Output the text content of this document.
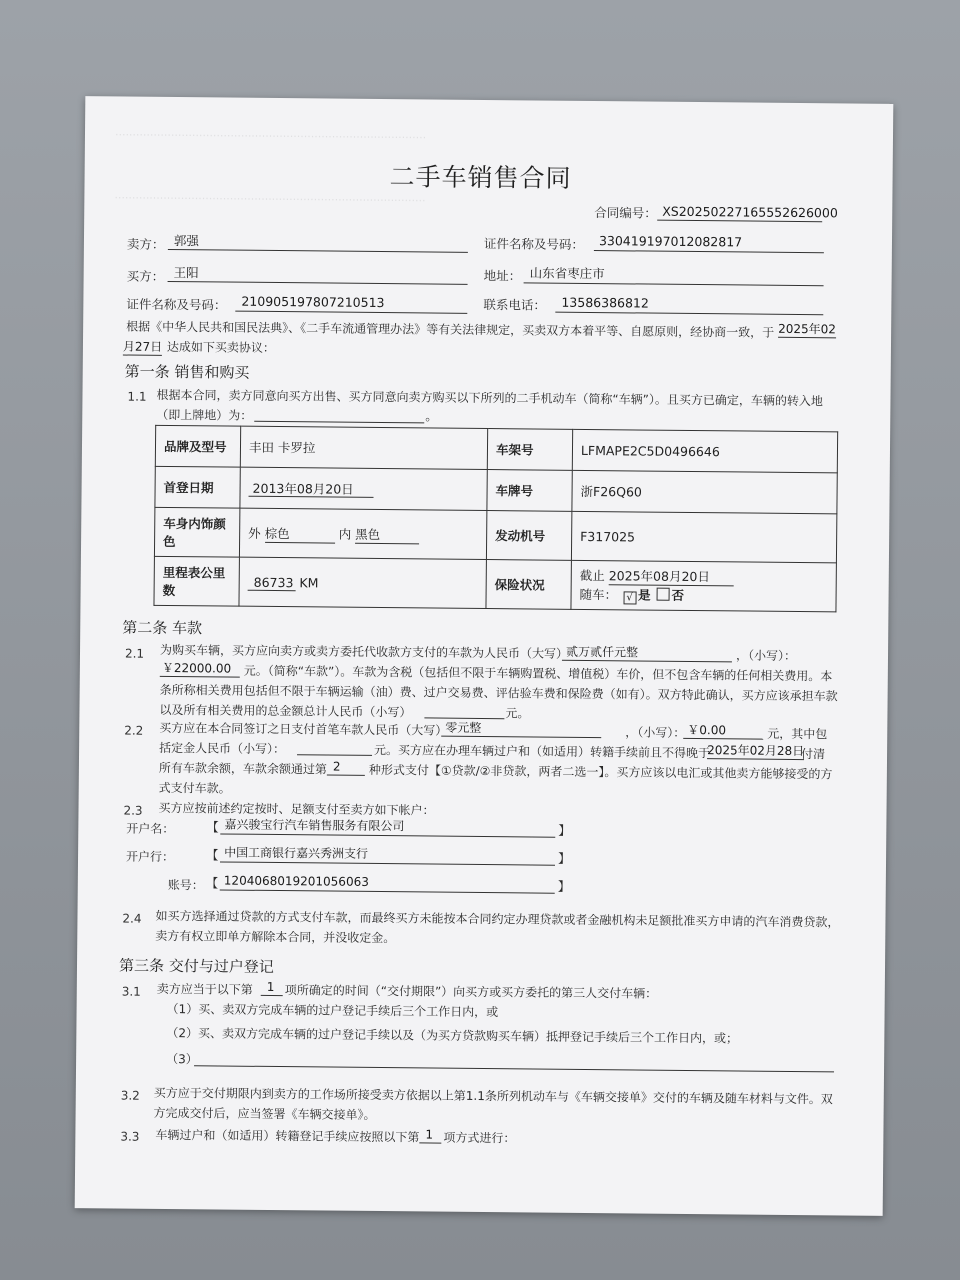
·························································································
·························································································
二手车销售合同
合同编号： XS20250227165552626000
卖方： 郭强	证件名称及号码： 330419197012082817
买方： 王阳	地址： 山东省枣庄市
证件名称及号码： 210905197807210513	联系电话： 13586386812
根据《中华人民共和国民法典》、《二手车流通管理办法》等有关法律规定，买卖双方本着平等、自愿原则，经协商一致，于 2025年02
月27日 达成如下买卖协议：
第一条 销售和购买
1.1 根据本合同，卖方同意向买方出售、买方同意向卖方购买以下所列的二手机动车（简称“车辆”）。且买方已确定，车辆的转入地
（即上牌地）为：	。
品牌及型号	丰田 卡罗拉	车架号	LFMAPE2C5D0496646
首登日期	2013年08月20日	车牌号	浙F26Q60
车身内饰颜色	外 棕色 内 黑色	发动机号	F317025
里程表公里数	86733 KM	保险状况	截止 2025年08月20日
随车： √ 是 否
第二条 车款
2.1 为购买车辆，买方应向卖方或卖方委托代收款方支付的车款为人民币（大写）
贰万贰仟元整	，（小写）：
￥22000.00 元。（简称“车款”）。车款为含税（包括但不限于车辆购置税、增值税）车价，但不包含车辆的任何相关费用。本
条所称相关费用包括但不限于车辆运输（油）费、过户交易费、评估验车费和保险费（如有）。双方特此确认，买方应该承担车款
以及所有相关费用的总金额总计人民币（小写）	元。
2.2 买方应在本合同签订之日支付首笔车款人民币（大写）
零元整	，（小写）： ￥0.00	元，其中包
括定金人民币（小写）：	元。买方应在办理车辆过户和（如适用）转籍手续前且不得晚于
2025年02月28日
付清
所有车款余额，车款余额通过第 2 种形式支付【①贷款/②非贷款，两者二选一】。买方应该以电汇或其他卖方能够接受的方
式支付车款。
2.3 买方应按前述约定按时、足额支付至卖方如下帐户：
开户名：	【 嘉兴骏宝行汽车销售服务有限公司	】
开户行：	【 中国工商银行嘉兴秀洲支行	】
账号： 【 1204068019201056063	】
2.4 如买方选择通过贷款的方式支付车款，而最终买方未能按本合同约定办理贷款或者金融机构未足额批准买方申请的汽车消费贷款，
卖方有权立即单方解除本合同，并没收定金。
第三条 交付与过户登记
3.1 卖方应当于以下第 1 项所确定的时间（“交付期限”）向买方或买方委托的第三人交付车辆：
（1）买、卖双方完成车辆的过户登记手续后三个工作日内，或
（2）买、卖双方完成车辆的过户登记手续以及（为买方贷款购买车辆）抵押登记手续后三个工作日内，或；
（3）
3.2 买方应于交付期限内到卖方的工作场所接受卖方依据以上第1.1条所列机动车与《车辆交接单》交付的车辆及随车材料与文件。双
方完成交付后，应当签署《车辆交接单》。
3.3 车辆过户和（如适用）转籍登记手续应按照以下第 1 项方式进行：
